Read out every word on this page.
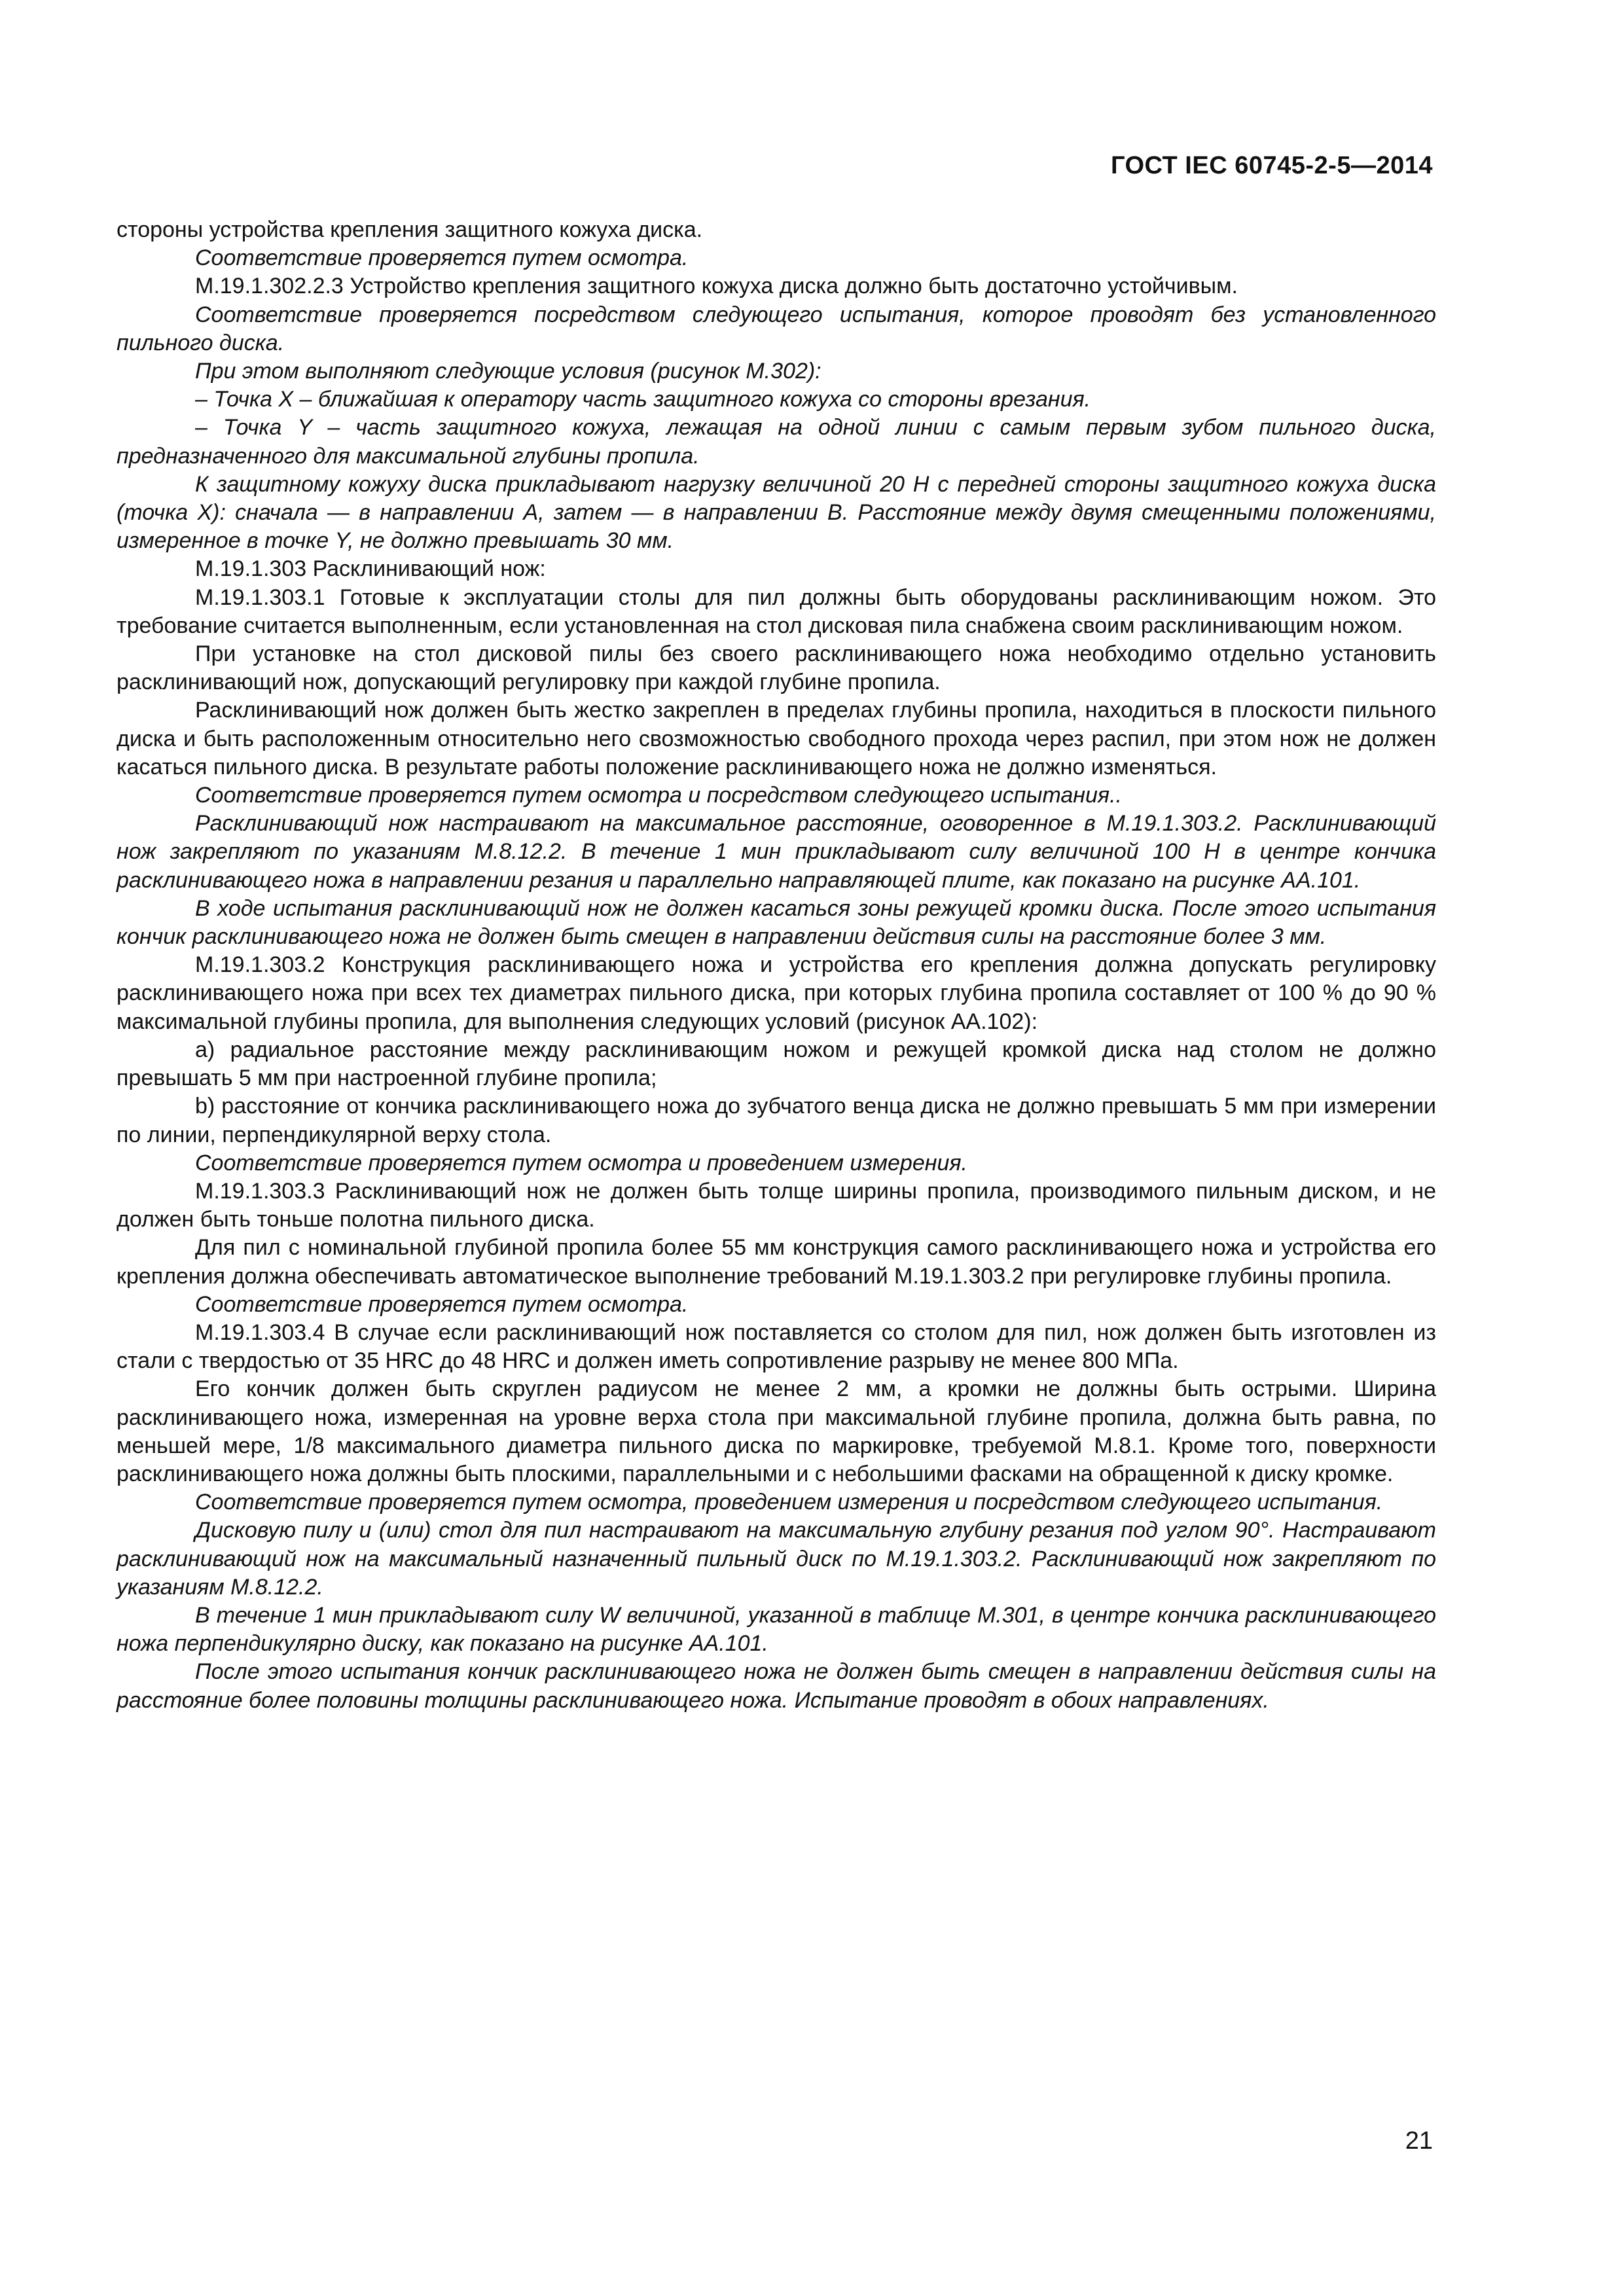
ГОСТ IEC 60745-2-5—2014

стороны устройства крепления защитного кожуха диска.

Соответствие проверяется путем осмотра.

М.19.1.302.2.3 Устройство крепления защитного кожуха диска должно быть достаточно устойчивым.

Соответствие проверяется посредством следующего испытания, которое проводят без установленного пильного диска.

При этом выполняют следующие условия (рисунок М.302):

– Точка X – ближайшая к оператору часть защитного кожуха со стороны врезания.

– Точка Y – часть защитного кожуха, лежащая на одной линии с самым первым зубом пильного диска, предназначенного для максимальной глубины пропила.

К защитному кожуху диска прикладывают нагрузку величиной 20 Н с передней стороны защитного кожуха диска (точка X): сначала — в направлении A, затем — в направлении B. Расстояние между двумя смещенными положениями, измеренное в точке Y, не должно превышать 30 мм.

М.19.1.303 Расклинивающий нож:

М.19.1.303.1 Готовые к эксплуатации столы для пил должны быть оборудованы расклинивающим ножом. Это требование считается выполненным, если установленная на стол дисковая пила снабжена своим расклинивающим ножом.

При установке на стол дисковой пилы без своего расклинивающего ножа необходимо отдельно установить расклинивающий нож, допускающий регулировку при каждой глубине пропила.

Расклинивающий нож должен быть жестко закреплен в пределах глубины пропила, находиться в плоскости пильного диска и быть расположенным относительно него свозможностью свободного прохода через распил, при этом нож не должен касаться пильного диска. В результате работы положение расклинивающего ножа не должно изменяться.

Соответствие проверяется путем осмотра и посредством следующего испытания..

Расклинивающий нож настраивают на максимальное расстояние, оговоренное в М.19.1.303.2. Расклинивающий нож закрепляют по указаниям М.8.12.2. В течение 1 мин прикладывают силу величиной 100 Н в центре кончика расклинивающего ножа в направлении резания и параллельно направляющей плите, как показано на рисунке АА.101.

В ходе испытания расклинивающий нож не должен касаться зоны режущей кромки диска. После этого испытания кончик расклинивающего ножа не должен быть смещен в направлении действия силы на расстояние более 3 мм.

М.19.1.303.2 Конструкция расклинивающего ножа и устройства его крепления должна допускать регулировку расклинивающего ножа при всех тех диаметрах пильного диска, при которых глубина пропила составляет от 100 % до 90 % максимальной глубины пропила, для выполнения следующих условий (рисунок АА.102):

а) радиальное расстояние между расклинивающим ножом и режущей кромкой диска над столом не должно превышать 5 мм при настроенной глубине пропила;

b) расстояние от кончика расклинивающего ножа до зубчатого венца диска не должно превышать 5 мм при измерении по линии, перпендикулярной верху стола.

Соответствие проверяется путем осмотра и проведением измерения.

М.19.1.303.3 Расклинивающий нож не должен быть толще ширины пропила, производимого пильным диском, и не должен быть тоньше полотна пильного диска.

Для пил с номинальной глубиной пропила более 55 мм конструкция самого расклинивающего ножа и устройства его крепления должна обеспечивать автоматическое выполнение требований М.19.1.303.2 при регулировке глубины пропила.

Соответствие проверяется путем осмотра.

М.19.1.303.4 В случае если расклинивающий нож поставляется со столом для пил, нож должен быть изготовлен из стали с твердостью от 35 HRC до 48 HRC и должен иметь сопротивление разрыву не менее 800 МПа.

Его кончик должен быть скруглен радиусом не менее 2 мм, а кромки не должны быть острыми. Ширина расклинивающего ножа, измеренная на уровне верха стола при максимальной глубине пропила, должна быть равна, по меньшей мере, 1/8 максимального диаметра пильного диска по маркировке, требуемой М.8.1. Кроме того, поверхности расклинивающего ножа должны быть плоскими, параллельными и с небольшими фасками на обращенной к диску кромке.

Соответствие проверяется путем осмотра, проведением измерения и посредством следующего испытания.

Дисковую пилу и (или) стол для пил настраивают на максимальную глубину резания под углом 90°. Настраивают расклинивающий нож на максимальный назначенный пильный диск по М.19.1.303.2. Расклинивающий нож закрепляют по указаниям М.8.12.2.

В течение 1 мин прикладывают силу W величиной, указанной в таблице М.301, в центре кончика расклинивающего ножа перпендикулярно диску, как показано на рисунке АА.101.

После этого испытания кончик расклинивающего ножа не должен быть смещен в направлении действия силы на расстояние более половины толщины расклинивающего ножа. Испытание проводят в обоих направлениях.

21
